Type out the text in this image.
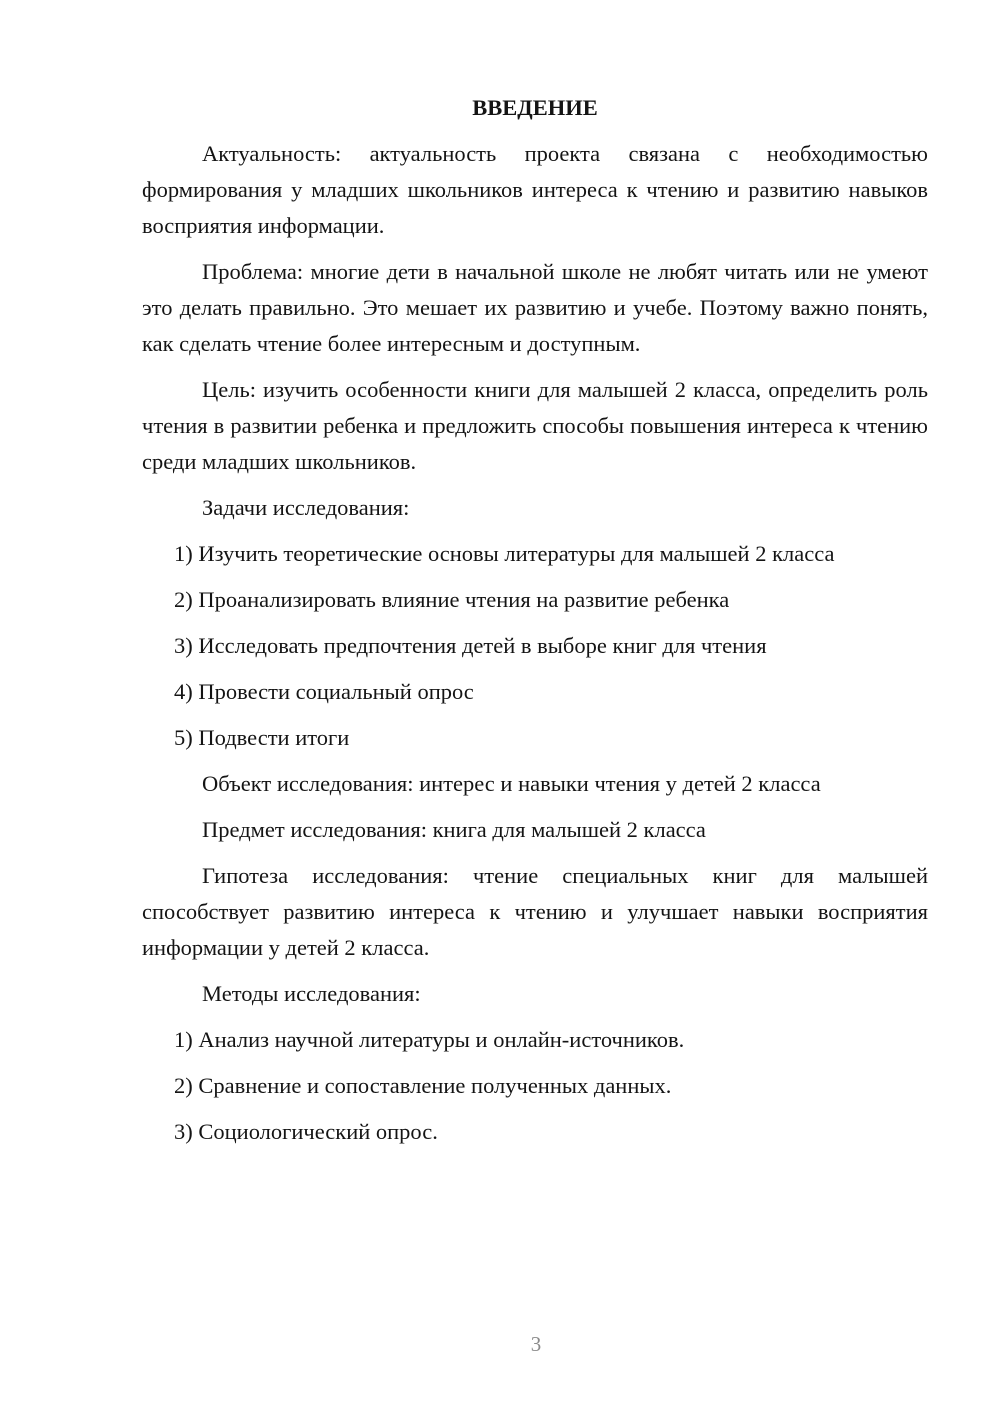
ВВЕДЕНИЕ

Актуальность: актуальность проекта связана с необходимостью формирования у младших школьников интереса к чтению и развитию навыков восприятия информации.

Проблема: многие дети в начальной школе не любят читать или не умеют это делать правильно. Это мешает их развитию и учебе. Поэтому важно понять, как сделать чтение более интересным и доступным.

Цель: изучить особенности книги для малышей 2 класса, определить роль чтения в развитии ребенка и предложить способы повышения интереса к чтению среди младших школьников.

Задачи исследования:
1) Изучить теоретические основы литературы для малышей 2 класса
2) Проанализировать влияние чтения на развитие ребенка
3) Исследовать предпочтения детей в выборе книг для чтения
4) Провести социальный опрос
5) Подвести итоги
Объект исследования: интерес и навыки чтения у детей 2 класса
Предмет исследования: книга для малышей 2 класса

Гипотеза исследования: чтение специальных книг для малышей способствует развитию интереса к чтению и улучшает навыки восприятия информации у детей 2 класса.

Методы исследования:
1) Анализ научной литературы и онлайн-источников.
2) Сравнение и сопоставление полученных данных.
3) Социологический опрос.
3
